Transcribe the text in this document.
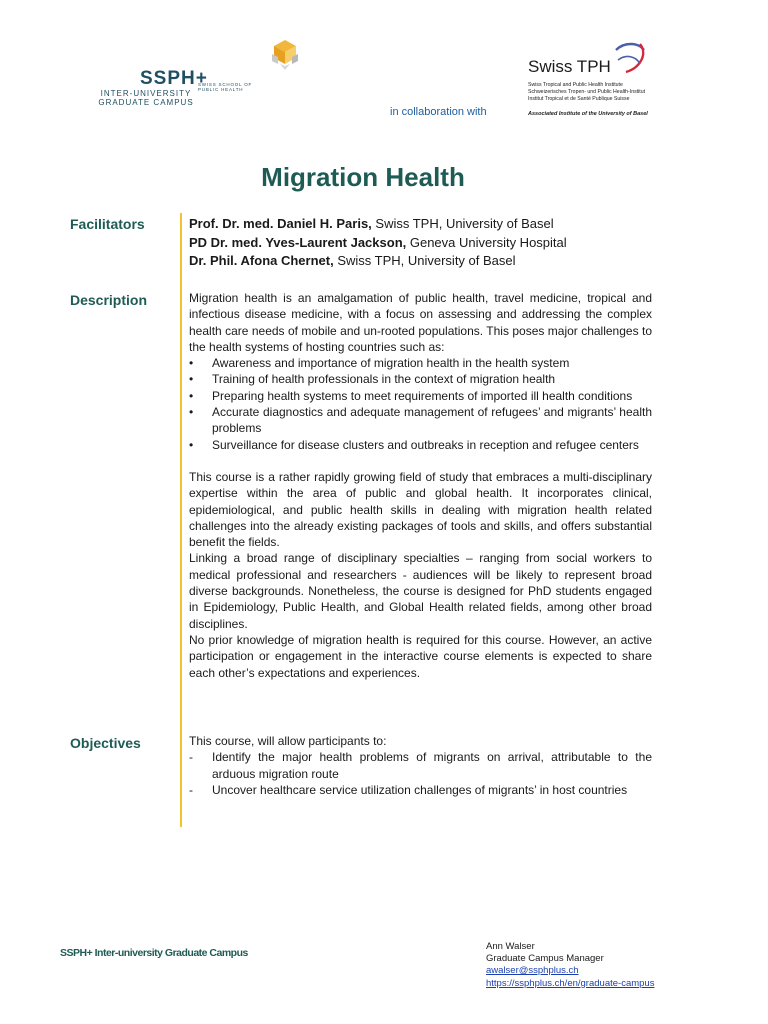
SSPH+
INTER-UNIVERSITY
GRADUATE CAMPUS
SWISS SCHOOL OF
PUBLIC HEALTH
in collaboration with
Swiss TPH
Swiss Tropical and Public Health Institute
Schweizerisches Tropen- und Public Health-Institut
Institut Tropical et de Santé Publique Suisse
Associated Institute of the University of Basel
Migration Health
Facilitators	Prof. Dr. med. Daniel H. Paris, Swiss TPH, University of Basel
PD Dr. med. Yves-Laurent Jackson, Geneva University Hospital
Dr. Phil. Afona Chernet, Swiss TPH, University of Basel
Description	Migration health is an amalgamation of public health, travel medicine, tropical and infectious disease medicine, with a focus on assessing and addressing the complex health care needs of mobile and un-rooted populations. This poses major challenges to the health systems of hosting countries such as:

• Awareness and importance of migration health in the health system
• Training of health professionals in the context of migration health
• Preparing health systems to meet requirements of imported ill health conditions
• Accurate diagnostics and adequate management of refugees’ and migrants’ health problems
• Surveillance for disease clusters and outbreaks in reception and refugee centers

This course is a rather rapidly growing field of study that embraces a multi-disciplinary expertise within the area of public and global health. It incorporates clinical, epidemiological, and public health skills in dealing with migration health related challenges into the already existing packages of tools and skills, and offers substantial benefit the fields.

Linking a broad range of disciplinary specialties – ranging from social workers to medical professional and researchers - audiences will be likely to represent broad diverse backgrounds. Nonetheless, the course is designed for PhD students engaged in Epidemiology, Public Health, and Global Health related fields, among other broad disciplines.

No prior knowledge of migration health is required for this course. However, an active participation or engagement in the interactive course elements is expected to share each other’s expectations and experiences.

Objectives	This course, will allow participants to:

- Identify the major health problems of migrants on arrival, attributable to the arduous migration route
- Uncover healthcare service utilization challenges of migrants’ in host countries
SSPH+ Inter-university Graduate Campus
Ann Walser
Graduate Campus Manager
awalser@ssphplus.ch
https://ssphplus.ch/en/graduate-campus
